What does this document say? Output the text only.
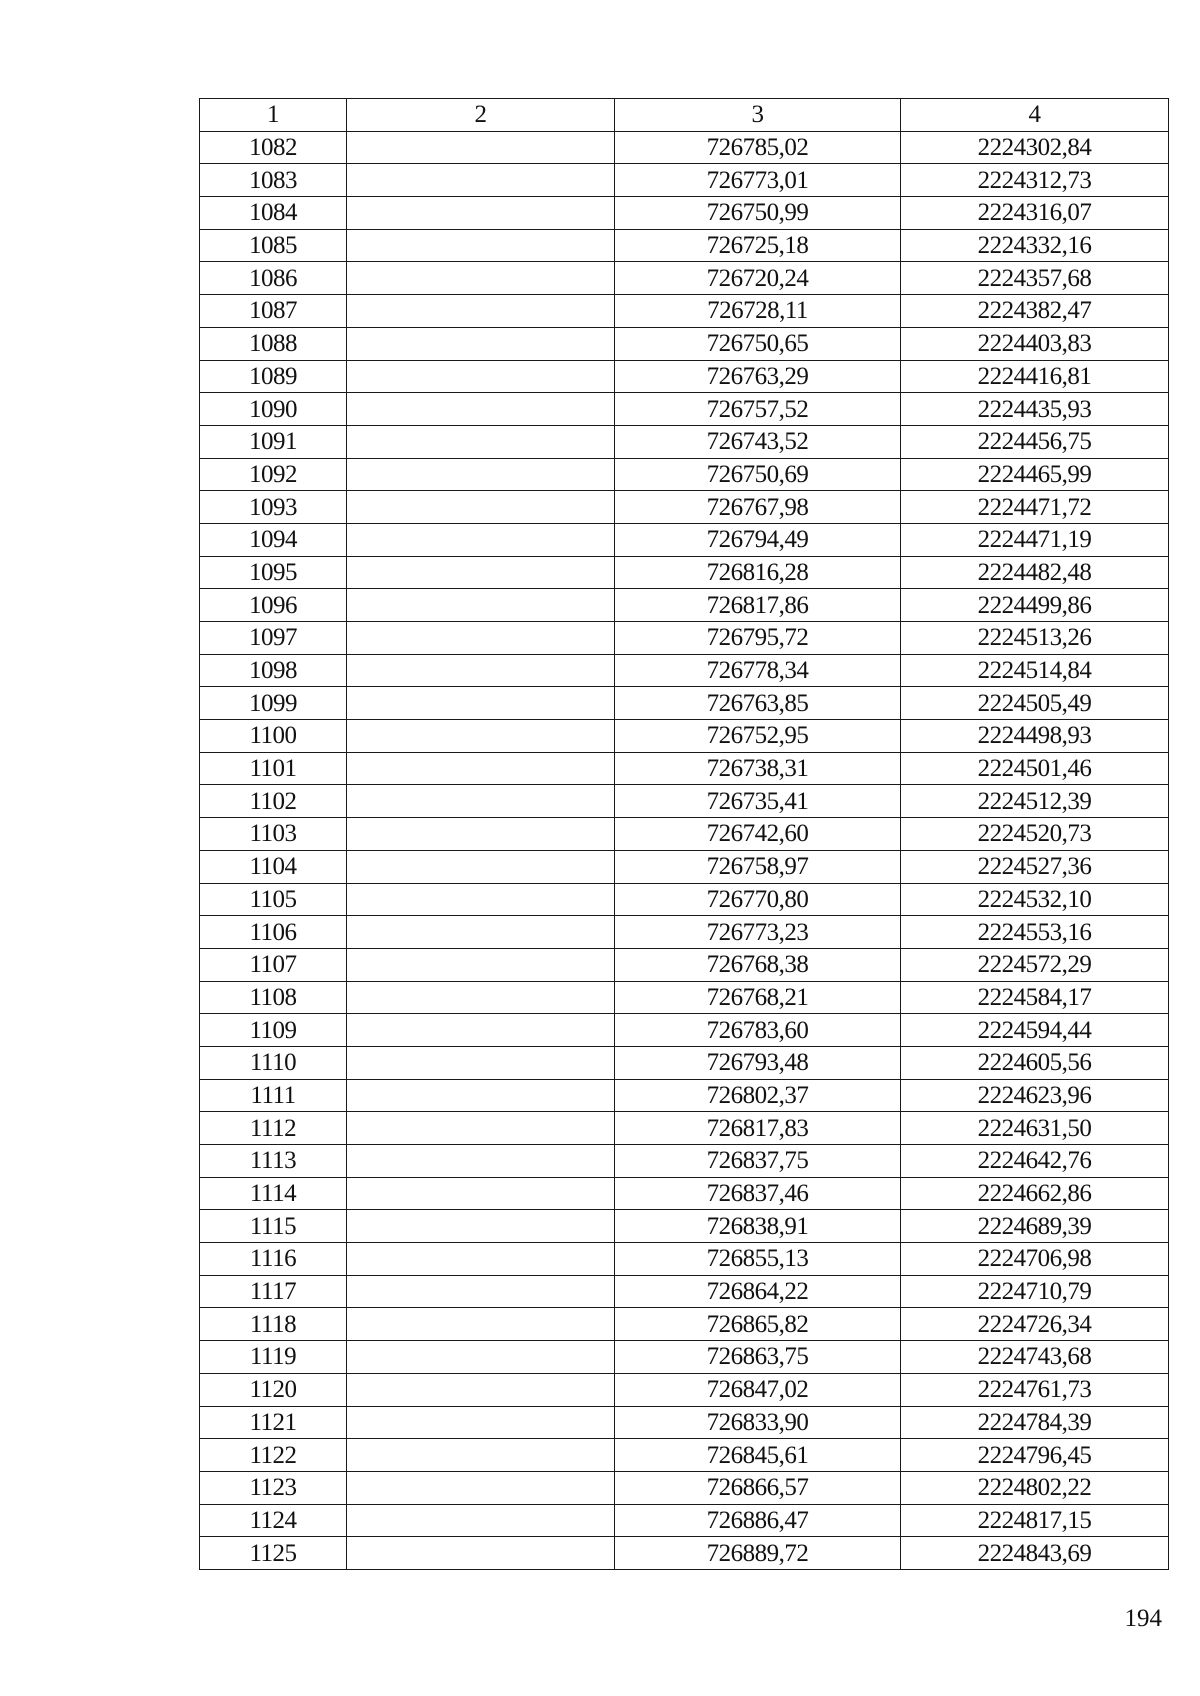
1	2	3	4
1082		726785,02	2224302,84
1083		726773,01	2224312,73
1084		726750,99	2224316,07
1085		726725,18	2224332,16
1086		726720,24	2224357,68
1087		726728,11	2224382,47
1088		726750,65	2224403,83
1089		726763,29	2224416,81
1090		726757,52	2224435,93
1091		726743,52	2224456,75
1092		726750,69	2224465,99
1093		726767,98	2224471,72
1094		726794,49	2224471,19
1095		726816,28	2224482,48
1096		726817,86	2224499,86
1097		726795,72	2224513,26
1098		726778,34	2224514,84
1099		726763,85	2224505,49
1100		726752,95	2224498,93
1101		726738,31	2224501,46
1102		726735,41	2224512,39
1103		726742,60	2224520,73
1104		726758,97	2224527,36
1105		726770,80	2224532,10
1106		726773,23	2224553,16
1107		726768,38	2224572,29
1108		726768,21	2224584,17
1109		726783,60	2224594,44
1110		726793,48	2224605,56
1111		726802,37	2224623,96
1112		726817,83	2224631,50
1113		726837,75	2224642,76
1114		726837,46	2224662,86
1115		726838,91	2224689,39
1116		726855,13	2224706,98
1117		726864,22	2224710,79
1118		726865,82	2224726,34
1119		726863,75	2224743,68
1120		726847,02	2224761,73
1121		726833,90	2224784,39
1122		726845,61	2224796,45
1123		726866,57	2224802,22
1124		726886,47	2224817,15
1125		726889,72	2224843,69
194
